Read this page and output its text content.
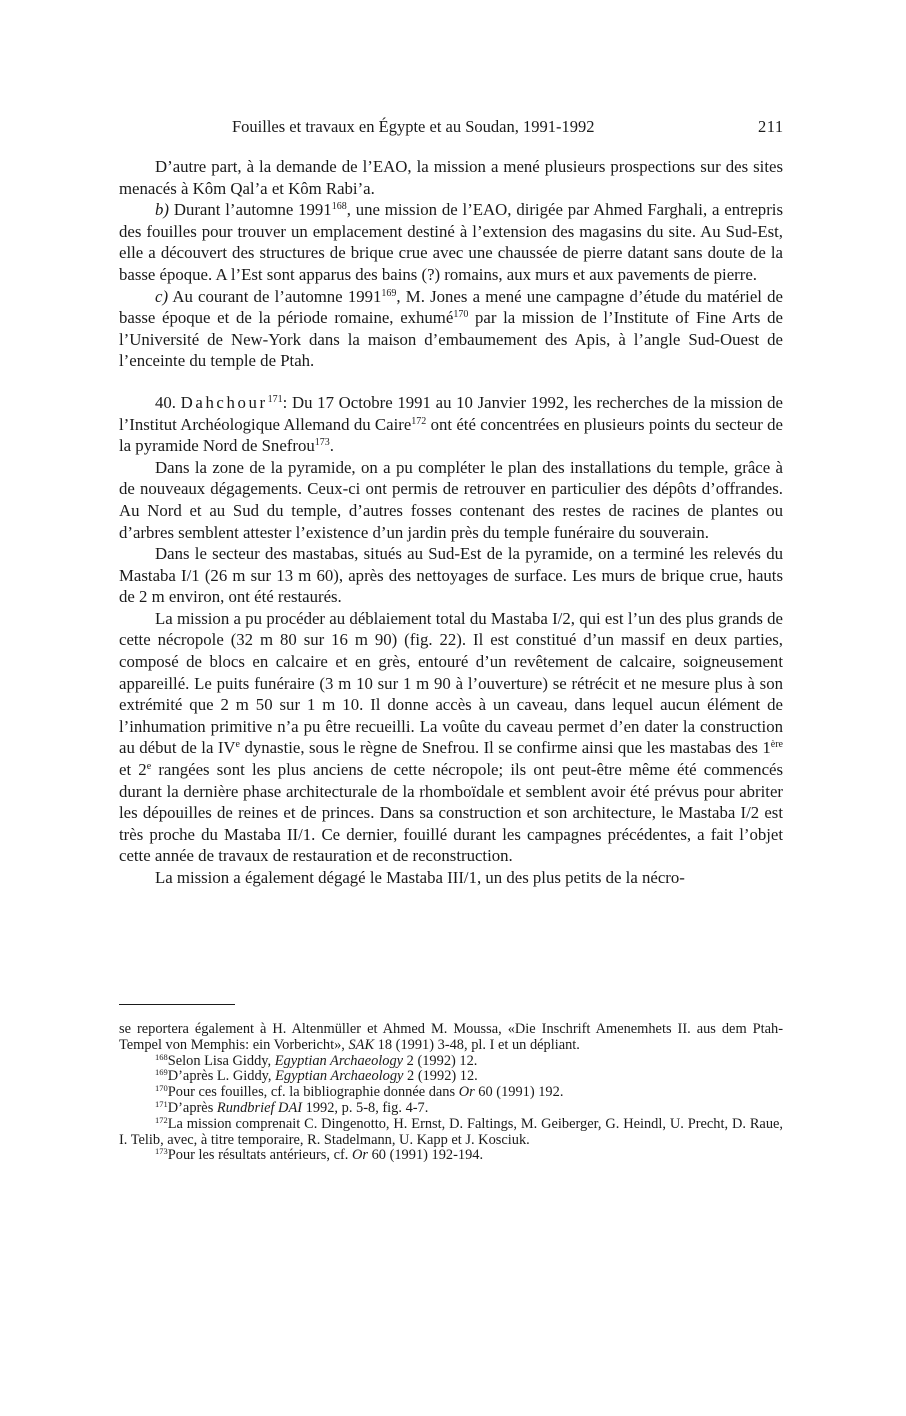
Fouilles et travaux en Égypte et au Soudan, 1991-1992	211

D’autre part, à la demande de l’EAO, la mission a mené plusieurs prospections sur des sites menacés à Kôm Qal’a et Kôm Rabi’a.

b) Durant l’automne 1991$^{168}$, une mission de l’EAO, dirigée par Ahmed Farghali, a entrepris des fouilles pour trouver un emplacement destiné à l’extension des magasins du site. Au Sud-Est, elle a découvert des structures de brique crue avec une chaussée de pierre datant sans doute de la basse époque. A l’Est sont apparus des bains (?) romains, aux murs et aux pavements de pierre.

c) Au courant de l’automne 1991$^{169}$, M. Jones a mené une campagne d’étude du matériel de basse époque et de la période romaine, exhumé$^{170}$ par la mission de l’Institute of Fine Arts de l’Université de New-York dans la maison d’embaumement des Apis, à l’angle Sud-Ouest de l’enceinte du temple de Ptah.

40. Dahchour$^{171}$: Du 17 Octobre 1991 au 10 Janvier 1992, les recherches de la mission de l’Institut Archéologique Allemand du Caire$^{172}$ ont été concentrées en plusieurs points du secteur de la pyramide Nord de Snefrou$^{173}$.

Dans la zone de la pyramide, on a pu compléter le plan des installations du temple, grâce à de nouveaux dégagements. Ceux-ci ont permis de retrouver en particulier des dépôts d’offrandes. Au Nord et au Sud du temple, d’autres fosses contenant des restes de racines de plantes ou d’arbres semblent attester l’existence d’un jardin près du temple funéraire du souverain.

Dans le secteur des mastabas, situés au Sud-Est de la pyramide, on a terminé les relevés du Mastaba I/1 (26 m sur 13 m 60), après des nettoyages de surface. Les murs de brique crue, hauts de 2 m environ, ont été restaurés.

La mission a pu procéder au déblaiement total du Mastaba I/2, qui est l’un des plus grands de cette nécropole (32 m 80 sur 16 m 90) (fig. 22). Il est constitué d’un massif en deux parties, composé de blocs en calcaire et en grès, entouré d’un revêtement de calcaire, soigneusement appareillé. Le puits funéraire (3 m 10 sur 1 m 90 à l’ouverture) se rétrécit et ne mesure plus à son extrémité que 2 m 50 sur 1 m 10. Il donne accès à un caveau, dans lequel aucun élément de l’inhumation primitive n’a pu être recueilli. La voûte du caveau permet d’en dater la construction au début de la IVe dynastie, sous le règne de Snefrou. Il se confirme ainsi que les mastabas des 1ère et 2e rangées sont les plus anciens de cette nécropole; ils ont peut-être même été commencés durant la dernière phase architecturale de la rhomboïdale et semblent avoir été prévus pour abriter les dépouilles de reines et de princes. Dans sa construction et son architecture, le Mastaba I/2 est très proche du Mastaba II/1. Ce dernier, fouillé durant les campagnes précédentes, a fait l’objet cette année de travaux de restauration et de reconstruction.

La mission a également dégagé le Mastaba III/1, un des plus petits de la nécro-

se reportera également à H. Altenmüller et Ahmed M. Moussa, «Die Inschrift Amenemhets II. aus dem Ptah-Tempel von Memphis: ein Vorbericht», SAK 18 (1991) 3-48, pl. I et un dépliant.

$^{168}$Selon Lisa Giddy, Egyptian Archaeology 2 (1992) 12.

$^{169}$D’après L. Giddy, Egyptian Archaeology 2 (1992) 12.

$^{170}$Pour ces fouilles, cf. la bibliographie donnée dans Or 60 (1991) 192.

$^{171}$D’après Rundbrief DAI 1992, p. 5-8, fig. 4-7.

$^{172}$La mission comprenait C. Dingenotto, H. Ernst, D. Faltings, M. Geiberger, G. Heindl, U. Precht, D. Raue, I. Telib, avec, à titre temporaire, R. Stadelmann, U. Kapp et J. Kosciuk.

$^{173}$Pour les résultats antérieurs, cf. Or 60 (1991) 192-194.
